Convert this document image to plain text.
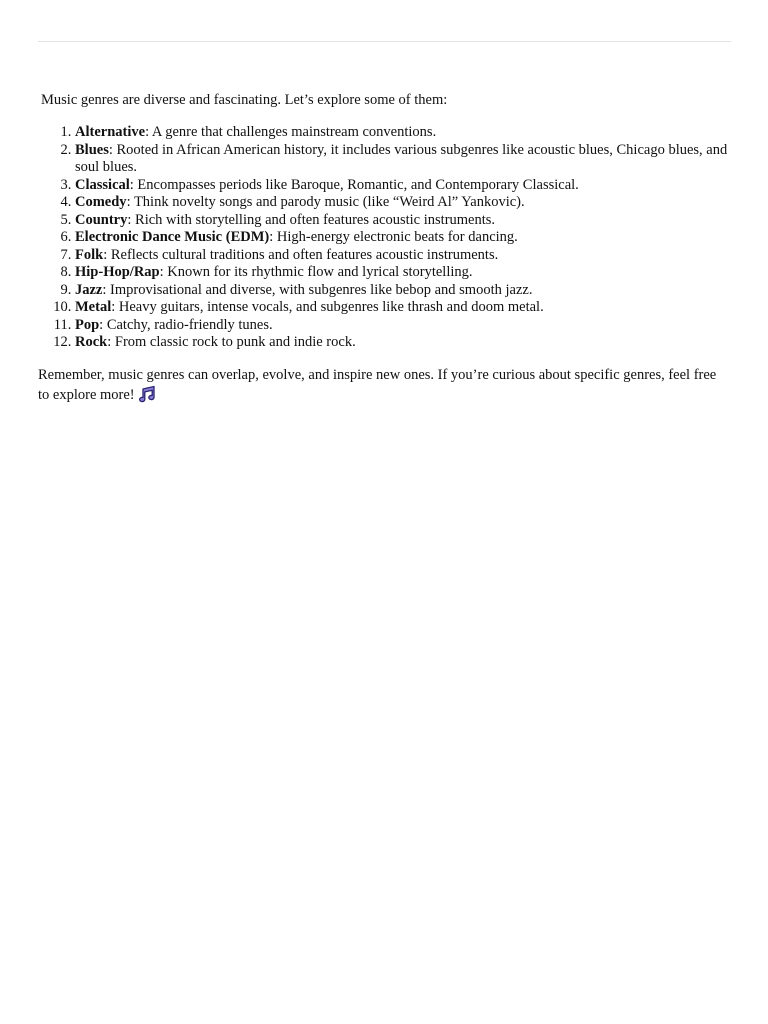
Music genres are diverse and fascinating. Let’s explore some of them:

1. Alternative: A genre that challenges mainstream conventions.
2. Blues: Rooted in African American history, it includes various subgenres like acoustic blues, Chicago blues, and soul blues.
3. Classical: Encompasses periods like Baroque, Romantic, and Contemporary Classical.
4. Comedy: Think novelty songs and parody music (like “Weird Al” Yankovic).
5. Country: Rich with storytelling and often features acoustic instruments.
6. Electronic Dance Music (EDM): High-energy electronic beats for dancing.
7. Folk: Reflects cultural traditions and often features acoustic instruments.
8. Hip-Hop/Rap: Known for its rhythmic flow and lyrical storytelling.
9. Jazz: Improvisational and diverse, with subgenres like bebop and smooth jazz.
10. Metal: Heavy guitars, intense vocals, and subgenres like thrash and doom metal.
11. Pop: Catchy, radio-friendly tunes.
12. Rock: From classic rock to punk and indie rock.

Remember, music genres can overlap, evolve, and inspire new ones. If you’re curious about specific genres, feel free to explore more!
